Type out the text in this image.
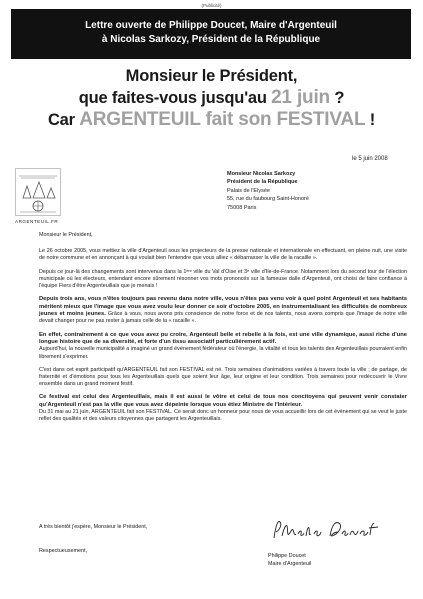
(Publicité)
Lettre ouverte de Philippe Doucet, Maire d'Argenteuil
à Nicolas Sarkozy, Président de la République
Monsieur le Président,
que faites-vous jusqu'au 21 juin ?
Car ARGENTEUIL fait son FESTIVAL !
le 5 juin 2008
ARGENTEUIL.FR
Monsieur Nicolas Sarkozy
Président de la République
Palais de l'Elysée
55, rue du faubourg Saint-Honoré
75008 Paris

Monsieur le Président,

Le 26 octobre 2005, vous mettiez la ville d'Argenteuil sous les projecteurs de la presse nationale et internationale en effectuant, en pleine nuit, une visite de notre commune et en annonçant à qui voulait bien l'entendre que vous alliez « débarrasser la ville de la racaille ».

Depuis ce jour-là des changements sont intervenus dans la 1ère ville du Val d'Oise et 3e ville d'Ile-de-France. Notamment lors du second tour de l'élection municipale où les électeurs, entendant encore sûrement résonner vos mots prononcés sur la fameuse dalle d'Argenteuil, ont choisi de faire confiance à l'équipe Fiers d'être Argenteuillais que je menais !

Depuis trois ans, vous n'êtes toujours pas revenu dans notre ville, vous n'êtes pas venu voir à quel point Argenteuil et ses habitants méritent mieux que l'image que vous avez voulu leur donner ce soir d'octobre 2005, en instrumentalisant les difficultés de nombreux jeunes et moins jeunes. Grâce à vous, nous avons pris conscience de notre force et de nos talents, nous avons compris que l'image de notre ville devait changer pour ne pas rester à jamais celle de la « racaille ».

En effet, contrairement à ce que vous avez pu croire, Argenteuil belle et rebelle à la fois, est une ville dynamique, aussi riche d'une longue histoire que de sa diversité, et forte d'un tissu associatif particulièrement actif.
Aujourd'hui, la nouvelle municipalité a imaginé un grand événement fédérateur où l'énergie, la vitalité et tous les talents des Argenteuillais pourraient enfin librement s'exprimer.

C'est dans cet esprit participatif qu'ARGENTEUIL fait son FESTIVAL est né. Trois semaines d'animations variées à travers toute la ville ; de partage, de fraternité et d'émotions pour tous les Argenteuillais quels que soient leur âge, leur origine et leur condition. Trois semaines pour redécouvrir le Vivre ensemble dans un grand moment festif.

Ce festival est celui des Argenteuillais, mais il est aussi le vôtre et celui de tous nos concitoyens qui peuvent venir constater qu'Argenteuil n'est pas la ville que vous avez dépeinte lorsque vous étiez Ministre de l'Intérieur.
Du 31 mai au 21 juin, ARGENTEUIL fait son FESTIVAL. Ce serait donc un honneur pour nous de vous accueillir lors de cet événement qui se veut le juste reflet des qualités et des valeurs citoyennes que partagent les Argenteuillais.

A très bientôt j'espère, Monsieur le Président,
Respectueusement,
Philippe Doucet
Maire d'Argenteuil
